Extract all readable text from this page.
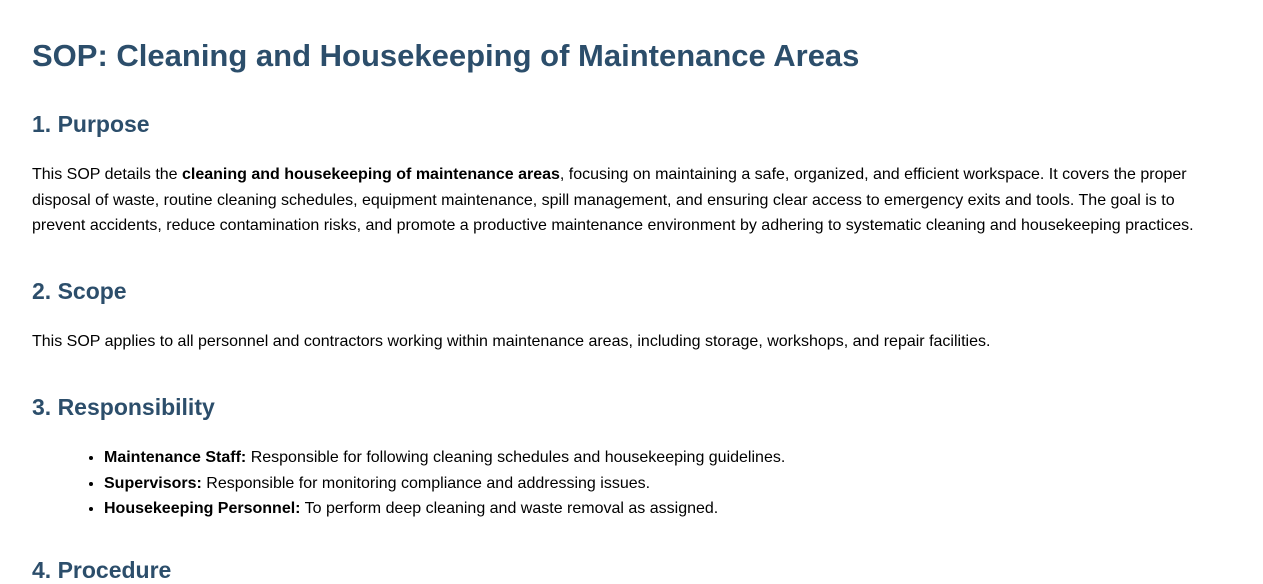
SOP: Cleaning and Housekeeping of Maintenance Areas
1. Purpose

This SOP details the cleaning and housekeeping of maintenance areas, focusing on maintaining a safe, organized, and efficient workspace. It covers the proper disposal of waste, routine cleaning schedules, equipment maintenance, spill management, and ensuring clear access to emergency exits and tools. The goal is to prevent accidents, reduce contamination risks, and promote a productive maintenance environment by adhering to systematic cleaning and housekeeping practices.

2. Scope

This SOP applies to all personnel and contractors working within maintenance areas, including storage, workshops, and repair facilities.

3. Responsibility
• Maintenance Staff: Responsible for following cleaning schedules and housekeeping guidelines.
• Supervisors: Responsible for monitoring compliance and addressing issues.
• Housekeeping Personnel: To perform deep cleaning and waste removal as assigned.
4. Procedure
